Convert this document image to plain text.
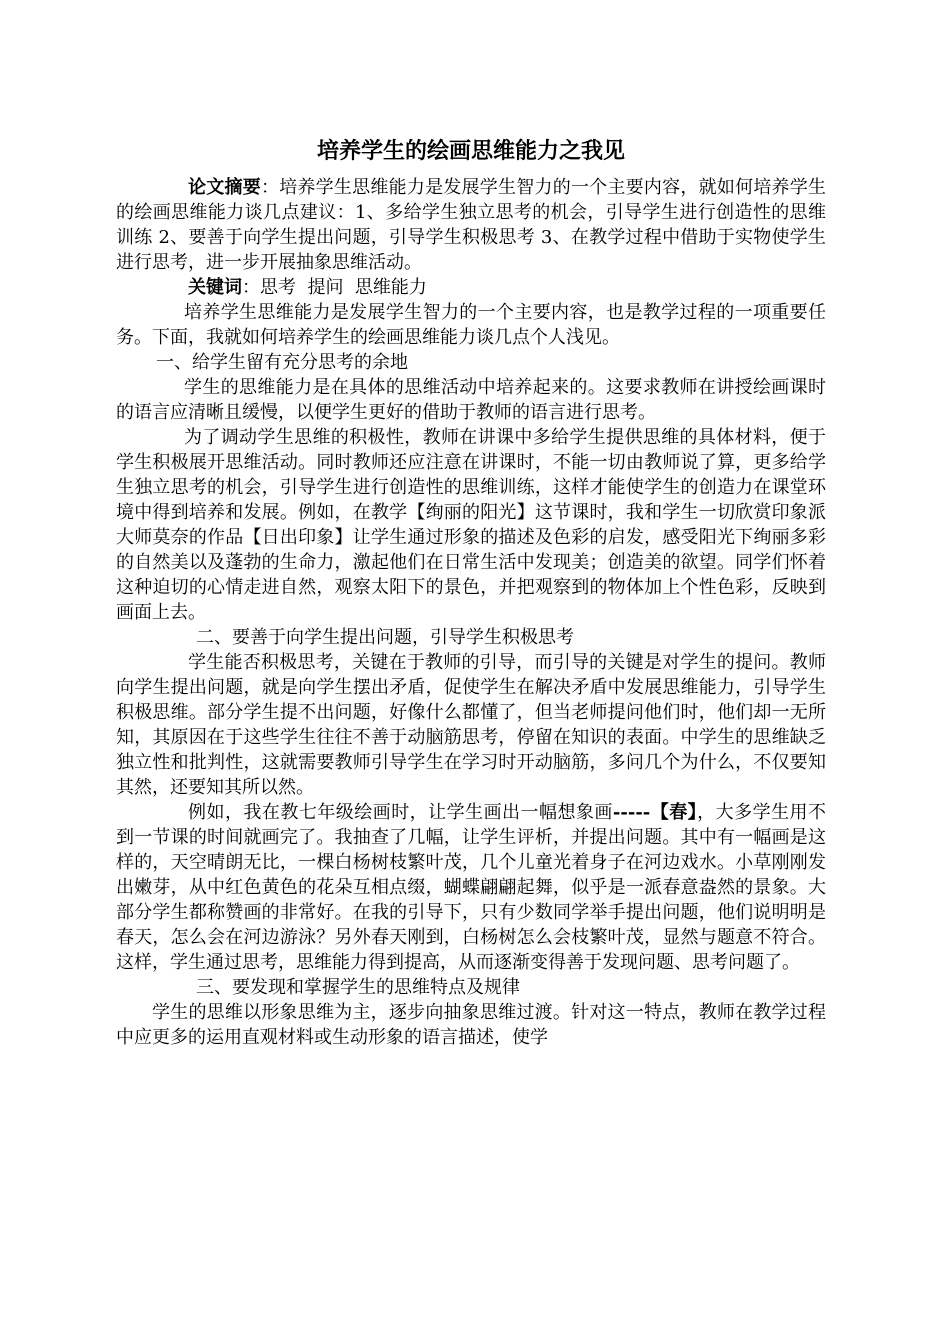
培养学生的绘画思维能力之我见

论文摘要：培养学生思维能力是发展学生智力的一个主要内容，就如何培养学生的绘画思维能力谈几点建议：1、多给学生独立思考的机会，引导学生进行创造性的思维训练 2、要善于向学生提出问题，引导学生积极思考 3、在教学过程中借助于实物使学生进行思考，进一步开展抽象思维活动。

关键词：思考  提问  思维能力

培养学生思维能力是发展学生智力的一个主要内容，也是教学过程的一项重要任务。下面，我就如何培养学生的绘画思维能力谈几点个人浅见。

一、给学生留有充分思考的余地

学生的思维能力是在具体的思维活动中培养起来的。这要求教师在讲授绘画课时的语言应清晰且缓慢，以便学生更好的借助于教师的语言进行思考。

为了调动学生思维的积极性，教师在讲课中多给学生提供思维的具体材料，便于学生积极展开思维活动。同时教师还应注意在讲课时，不能一切由教师说了算，更多给学生独立思考的机会，引导学生进行创造性的思维训练，这样才能使学生的创造力在课堂环境中得到培养和发展。例如，在教学【绚丽的阳光】这节课时，我和学生一切欣赏印象派大师莫奈的作品【日出印象】让学生通过形象的描述及色彩的启发，感受阳光下绚丽多彩的自然美以及蓬勃的生命力，激起他们在日常生活中发现美；创造美的欲望。同学们怀着这种迫切的心情走进自然，观察太阳下的景色，并把观察到的物体加上个性色彩，反映到画面上去。

二、要善于向学生提出问题，引导学生积极思考

学生能否积极思考，关键在于教师的引导，而引导的关键是对学生的提问。教师向学生提出问题，就是向学生摆出矛盾，促使学生在解决矛盾中发展思维能力，引导学生积极思维。部分学生提不出问题，好像什么都懂了，但当老师提问他们时，他们却一无所知，其原因在于这些学生往往不善于动脑筋思考，停留在知识的表面。中学生的思维缺乏独立性和批判性，这就需要教师引导学生在学习时开动脑筋，多问几个为什么，不仅要知其然，还要知其所以然。

例如，我在教七年级绘画时，让学生画出一幅想象画-----【春】，大多学生用不到一节课的时间就画完了。我抽查了几幅，让学生评析，并提出问题。其中有一幅画是这样的，天空晴朗无比，一棵白杨树枝繁叶茂，几个儿童光着身子在河边戏水。小草刚刚发出嫩芽，从中红色黄色的花朵互相点缀，蝴蝶翩翩起舞，似乎是一派春意盎然的景象。大部分学生都称赞画的非常好。在我的引导下，只有少数同学举手提出问题，他们说明明是春天，怎么会在河边游泳？另外春天刚到，白杨树怎么会枝繁叶茂，显然与题意不符合。这样，学生通过思考，思维能力得到提高，从而逐渐变得善于发现问题、思考问题了。

三、要发现和掌握学生的思维特点及规律

学生的思维以形象思维为主，逐步向抽象思维过渡。针对这一特点，教师在教学过程中应更多的运用直观材料或生动形象的语言描述，使学
